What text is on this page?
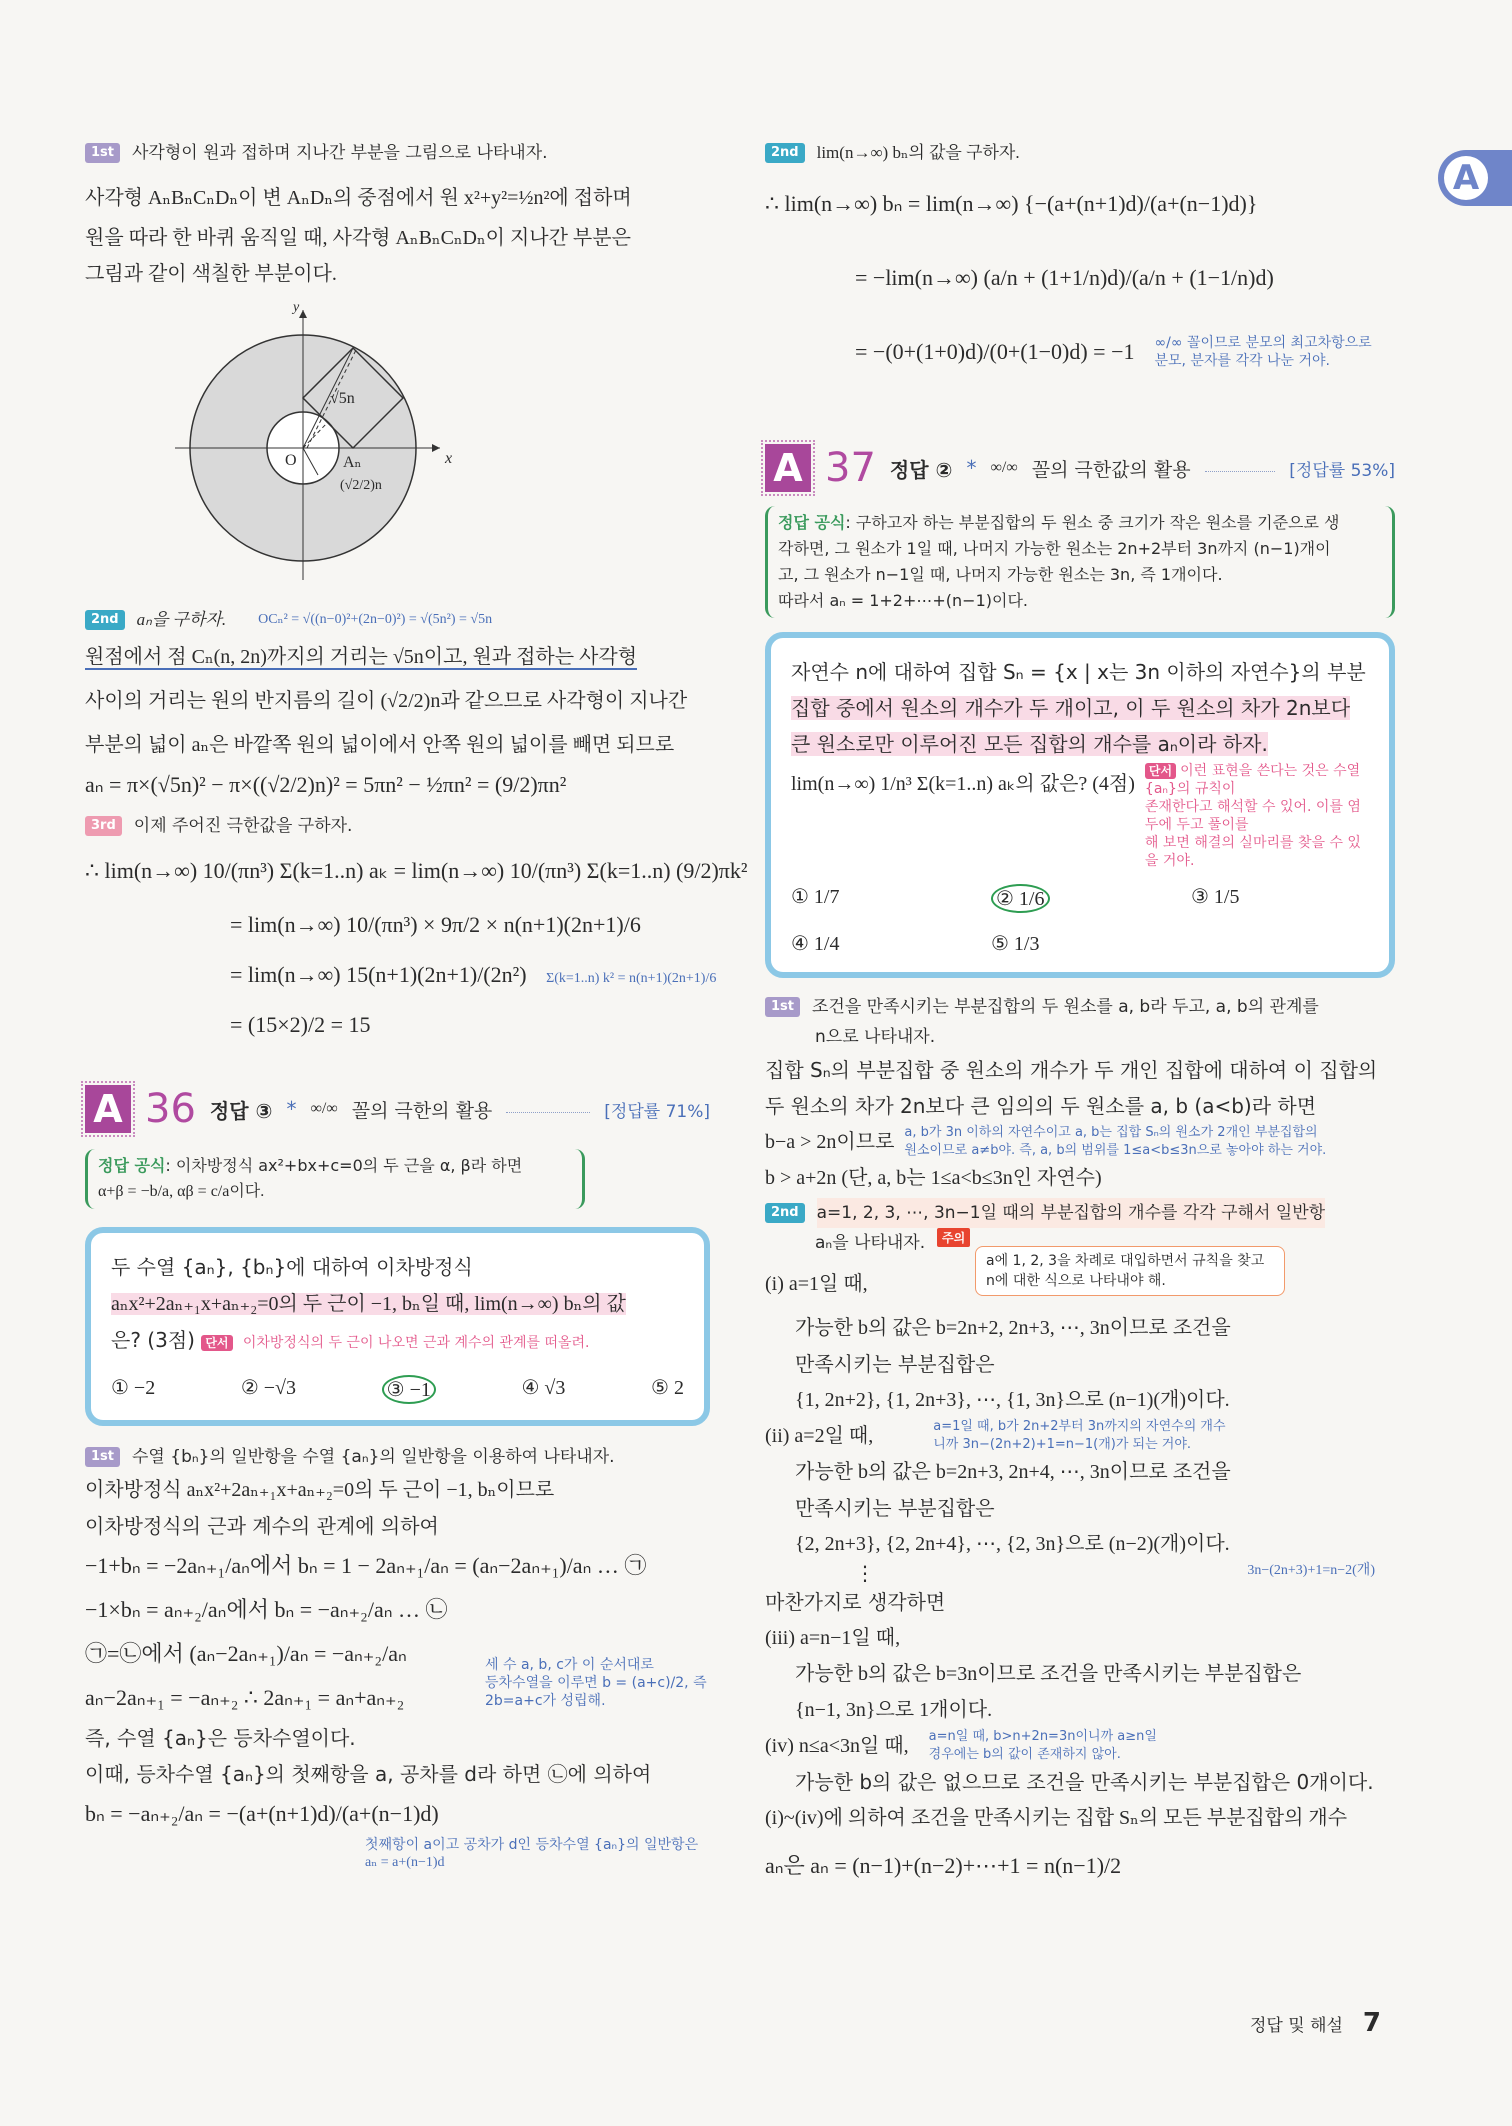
A
1st	사각형이 원과 접하며 지나간 부분을 그림으로 나타내자.
사각형 AₙBₙCₙDₙ이 변 AₙDₙ의 중점에서 원 x²+y²=½n²에 접하며
원을 따라 한 바퀴 움직일 때, 사각형 AₙBₙCₙDₙ이 지나간 부분은
그림과 같이 색칠한 부분이다.
y
x
O	Aₙ
√5n
(√2/2)n
2nd	aₙ을 구하자. OCₙ² = √((n−0)²+(2n−0)²) = √(5n²) = √5n
원점에서 점 Cₙ(n, 2n)까지의 거리는 √5n이고, 원과 접하는 사각형
사이의 거리는 원의 반지름의 길이 (√2/2)n과 같으므로 사각형이 지나간
부분의 넓이 aₙ은 바깥쪽 원의 넓이에서 안쪽 원의 넓이를 빼면 되므로
aₙ = π×(√5n)² − π×((√2/2)n)² = 5πn² − ½πn² = (9/2)πn²
3rd	이제 주어진 극한값을 구하자.
∴ lim(n→∞) 10/(πn³) Σ(k=1..n) aₖ = lim(n→∞) 10/(πn³) Σ(k=1..n) (9/2)πk²
= lim(n→∞) 10/(πn³) × 9π/2 × n(n+1)(2n+1)/6
= lim(n→∞) 15(n+1)(2n+1)/(2n²) Σ(k=1..n) k² = n(n+1)(2n+1)/6
= (15×2)/2 = 15
A 36 정답 ③ * ∞/∞ 꼴의 극한의 활용	[정답률 71%]
정답 공식: 이차방정식 ax²+bx+c=0의 두 근을 α, β라 하면
α+β = −b/a, αβ = c/a이다.
두 수열 {aₙ}, {bₙ}에 대하여 이차방정식
aₙx²+2aₙ₊₁x+aₙ₊₂=0의 두 근이 −1, bₙ일 때, lim(n→∞) bₙ의 값
은? (3점) 단서 이차방정식의 두 근이 나오면 근과 계수의 관계를 떠올려.
① −2	② −√3	③ −1	④ √3	⑤ 2
1st	수열 {bₙ}의 일반항을 수열 {aₙ}의 일반항을 이용하여 나타내자.
이차방정식 aₙx²+2aₙ₊₁x+aₙ₊₂=0의 두 근이 −1, bₙ이므로
이차방정식의 근과 계수의 관계에 의하여
−1+bₙ = −2aₙ₊₁/aₙ에서 bₙ = 1 − 2aₙ₊₁/aₙ = (aₙ−2aₙ₊₁)/aₙ … ㉠
−1×bₙ = aₙ₊₂/aₙ에서 bₙ = −aₙ₊₂/aₙ … ㉡
㉠=㉡에서 (aₙ−2aₙ₊₁)/aₙ = −aₙ₊₂/aₙ
aₙ−2aₙ₊₁ = −aₙ₊₂ ∴ 2aₙ₊₁ = aₙ+aₙ₊₂
세 수 a, b, c가 이 순서대로
등차수열을 이루면 b = (a+c)/2, 즉
2b=a+c가 성립해.
즉, 수열 {aₙ}은 등차수열이다.
이때, 등차수열 {aₙ}의 첫째항을 a, 공차를 d라 하면 ㉡에 의하여
bₙ = −aₙ₊₂/aₙ = −(a+(n+1)d)/(a+(n−1)d)
첫째항이 a이고 공차가 d인 등차수열 {aₙ}의 일반항은
aₙ = a+(n−1)d
2nd	lim(n→∞) bₙ의 값을 구하자.
∴ lim(n→∞) bₙ = lim(n→∞) {−(a+(n+1)d)/(a+(n−1)d)}
= −lim(n→∞) (a/n + (1+1/n)d)/(a/n + (1−1/n)d)
= −(0+(1+0)d)/(0+(1−0)d) = −1 ∞/∞ 꼴이므로 분모의 최고차항으로
분모, 분자를 각각 나눈 거야.
A 37 정답 ② * ∞/∞ 꼴의 극한값의 활용	[정답률 53%]
정답 공식: 구하고자 하는 부분집합의 두 원소 중 크기가 작은 원소를 기준으로 생
각하면, 그 원소가 1일 때, 나머지 가능한 원소는 2n+2부터 3n까지 (n−1)개이
고, 그 원소가 n−1일 때, 나머지 가능한 원소는 3n, 즉 1개이다.
따라서 aₙ = 1+2+⋯+(n−1)이다.
자연수 n에 대하여 집합 Sₙ = {x | x는 3n 이하의 자연수}의 부분
집합 중에서 원소의 개수가 두 개이고, 이 두 원소의 차가 2n보다
큰 원소로만 이루어진 모든 집합의 개수를 aₙ이라 하자.
lim(n→∞) 1/n³ Σ(k=1..n) aₖ의 값은? (4점)
단서 이런 표현을 쓴다는 것은 수열 {aₙ}의 규칙이
존재한다고 해석할 수 있어. 이를 염두에 두고 풀이를
해 보면 해결의 실마리를 찾을 수 있을 거야.
① 1/7	② 1/6	③ 1/5
④ 1/4	⑤ 1/3
1st	조건을 만족시키는 부분집합의 두 원소를 a, b라 두고, a, b의 관계를
n으로 나타내자.
집합 Sₙ의 부분집합 중 원소의 개수가 두 개인 집합에 대하여 이 집합의
두 원소의 차가 2n보다 큰 임의의 두 원소를 a, b (a<b)라 하면
b−a > 2n이므로 a, b가 3n 이하의 자연수이고 a, b는 집합 Sₙ의 원소가 2개인 부분집합의
원소이므로 a≠b야. 즉, a, b의 범위를 1≤a<b≤3n으로 놓아야 하는 거야.
b > a+2n (단, a, b는 1≤a<b≤3n인 자연수)
2nd	a=1, 2, 3, ⋯, 3n−1일 때의 부분집합의 개수를 각각 구해서 일반항
aₙ을 나타내자.	주의
a에 1, 2, 3을 차례로 대입하면서 규칙을 찾고
n에 대한 식으로 나타내야 해.
(i) a=1일 때,
가능한 b의 값은 b=2n+2, 2n+3, ⋯, 3n이므로 조건을
만족시키는 부분집합은
{1, 2n+2}, {1, 2n+3}, ⋯, {1, 3n}으로 (n−1)(개)이다.
(ii) a=2일 때,	a=1일 때, b가 2n+2부터 3n까지의 자연수의 개수
니까 3n−(2n+2)+1=n−1(개)가 되는 거야.
가능한 b의 값은 b=2n+3, 2n+4, ⋯, 3n이므로 조건을
만족시키는 부분집합은
{2, 2n+3}, {2, 2n+4}, ⋯, {2, 3n}으로 (n−2)(개)이다.
⋮	3n−(2n+3)+1=n−2(개)
마찬가지로 생각하면
(iii) a=n−1일 때,
가능한 b의 값은 b=3n이므로 조건을 만족시키는 부분집합은
{n−1, 3n}으로 1개이다.
(iv) n≤a<3n일 때, a=n일 때, b>n+2n=3n이니까 a≥n일
경우에는 b의 값이 존재하지 않아.
가능한 b의 값은 없으므로 조건을 만족시키는 부분집합은 0개이다.
(i)~(iv)에 의하여 조건을 만족시키는 집합 Sₙ의 모든 부분집합의 개수
aₙ은 aₙ = (n−1)+(n−2)+⋯+1 = n(n−1)/2
정답 및 해설 7
